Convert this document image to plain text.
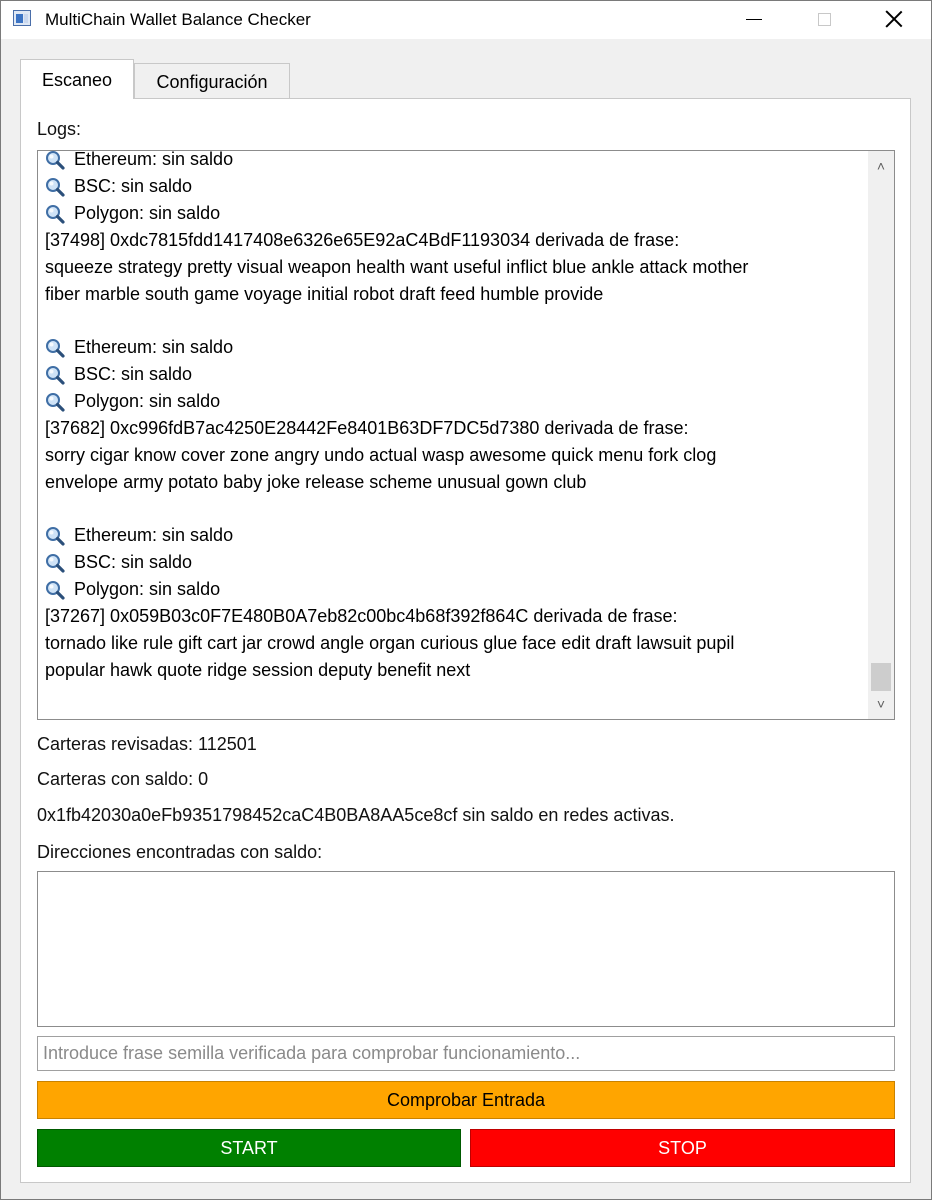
MultiChain Wallet Balance Checker
Escaneo	Configuración
Logs:
Ethereum: sin saldo
BSC: sin saldo
Polygon: sin saldo
[37498] 0xdc7815fdd1417408e6326e65E92aC4BdF1193034 derivada de frase:
squeeze strategy pretty visual weapon health want useful inflict blue ankle attack mother
fiber marble south game voyage initial robot draft feed humble provide
Ethereum: sin saldo
BSC: sin saldo
Polygon: sin saldo
[37682] 0xc996fdB7ac4250E28442Fe8401B63DF7DC5d7380 derivada de frase:
sorry cigar know cover zone angry undo actual wasp awesome quick menu fork clog
envelope army potato baby joke release scheme unusual gown club
Ethereum: sin saldo
BSC: sin saldo
Polygon: sin saldo
[37267] 0x059B03c0F7E480B0A7eb82c00bc4b68f392f864C derivada de frase:
tornado like rule gift cart jar crowd angle organ curious glue face edit draft lawsuit pupil
popular hawk quote ridge session deputy benefit next
˄
˅
Carteras revisadas: 112501
Carteras con saldo: 0
0x1fb42030a0eFb9351798452caC4B0BA8AA5ce8cf sin saldo en redes activas.
Direcciones encontradas con saldo:
Introduce frase semilla verificada para comprobar funcionamiento...
Comprobar Entrada
START	STOP
